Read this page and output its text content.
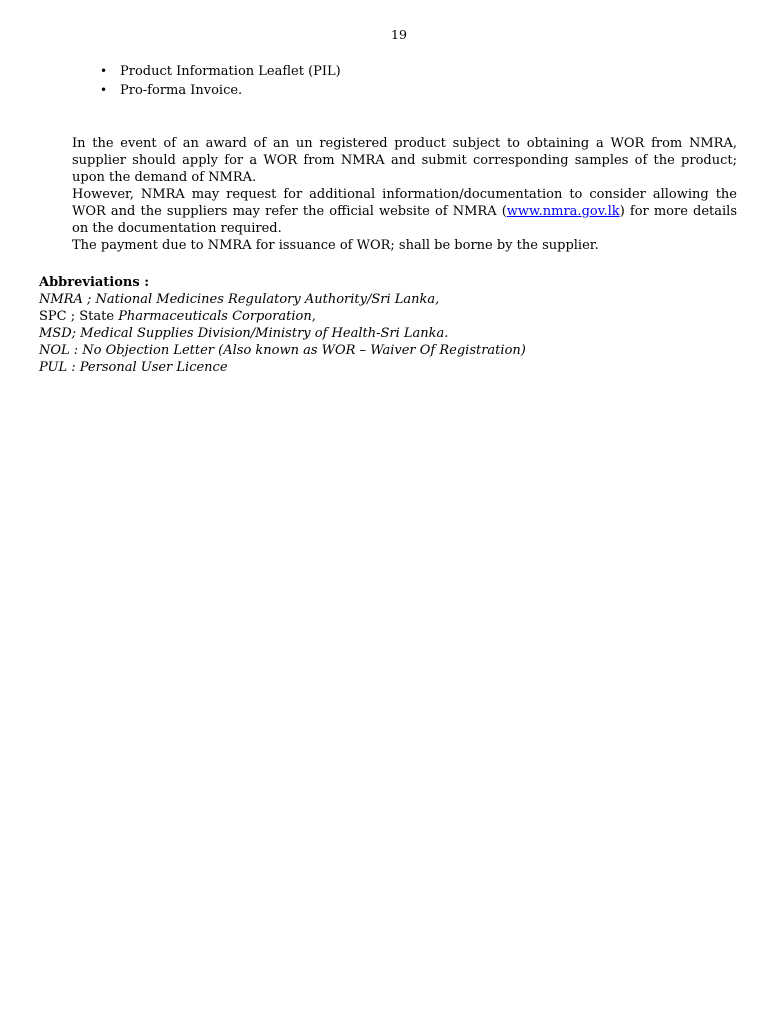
19
• Product Information Leaflet (PIL)
• Pro-forma Invoice.

In the event of an award of an un registered product subject to obtaining a WOR from NMRA, supplier should apply for a WOR from NMRA and submit corresponding samples of the product; upon the demand of NMRA.

However, NMRA may request for additional information/documentation to consider allowing the WOR and the suppliers may refer the official website of NMRA (www.nmra.gov.lk) for more details on the documentation required.

The payment due to NMRA for issuance of WOR; shall be borne by the supplier.

Abbreviations :
NMRA ; National Medicines Regulatory Authority/Sri Lanka,
SPC ; State Pharmaceuticals Corporation,
MSD; Medical Supplies Division/Ministry of Health-Sri Lanka.
NOL : No Objection Letter (Also known as WOR – Waiver Of Registration)
PUL : Personal User Licence
